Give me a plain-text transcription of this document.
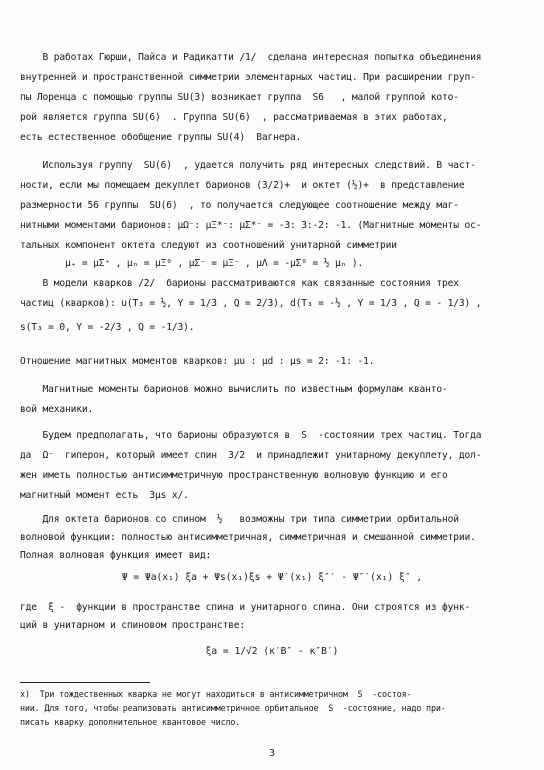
В работах Гюрши, Пайса и Радикатти /1/  сделана интересная попытка объединения
внутренней и пространственной симметрии элементарных частиц. При расширении груп-
пы Лоренца с помощью группы SU(3) возникает группа  S6   , малой группой кото-
рой является группа SU(6)  . Группа SU(6)  , рассматриваемая в этих работах,
есть естественное обобщение группы SU(4)  Вагнера.
Используя группу  SU(6)  , удается получить ряд интересных следствий. В част-
ности, если мы помещаем декуплет барионов (3/2)+  и октет (½)+  в представление
размерности 56 группы  SU(6)  , то получается следующее соотношение между маг-
нитными моментами барионов: μΩ⁻: μΞ*⁻: μΣ*⁻ = -3: 3:-2: -1. (Магнитные моменты ос-
тальных компонент октета следуют из соотношений унитарной симметрии
μ₊ = μΣ⁺ , μₙ = μΞ⁰ , μΣ⁻ = μΞ⁻ , μΛ = -μΣ⁰ = ½ μₙ ).
В модели кварков /2/  барионы рассматриваются как связанные состояния трех
частиц (кварков): u(T₃ = ½, Y = 1/3 , Q = 2/3), d(T₃ = -½ , Y = 1/3 , Q = - 1/3) ,
s(T₃ = 0, Y = -2/3 , Q = -1/3).
Отношение магнитных моментов кварков: μu : μd : μs = 2: -1: -1.
Магнитные моменты барионов можно вычислить по известным формулам квантo-
вой механики.
Будем предполагать, что барионы образуются в  S  -состоянии трех частиц. Тогда
да  Ω⁻  гиперон, который имеет спин  3/2  и принадлежит унитарному декуплету, дол-
жен иметь полностью антисимметричную пространственную волновую функцию и его
магнитный момент есть  3μs x/.
Для октета барионов со спином  ½   возможны три типа симметрии орбитальной
волновой функции: полностью антисимметричная, симметричная и смешанной симметрии.
Полная волновая функция имеет вид:
Ψ = Ψa(x₁) ξa + Ψs(x₁)ξs + Ψ′(x₁) ξ″′ - Ψ″′(x₁) ξ″ ,
где  ξ -  функции в пространстве спина и унитарного спина. Они строятся из функ-
ций в унитарном и спиновом пространстве:
ξa = 1/√2 (κ′B″ - κ″B′)
x)  Три тождественных кварка не могут находиться в антисимметричном  S  -состоя-
нии. Для того, чтобы реализовать антисимметричное орбитальное  S  -состояние, надо при-
писать кварку дополнительное квантовое число.
3
